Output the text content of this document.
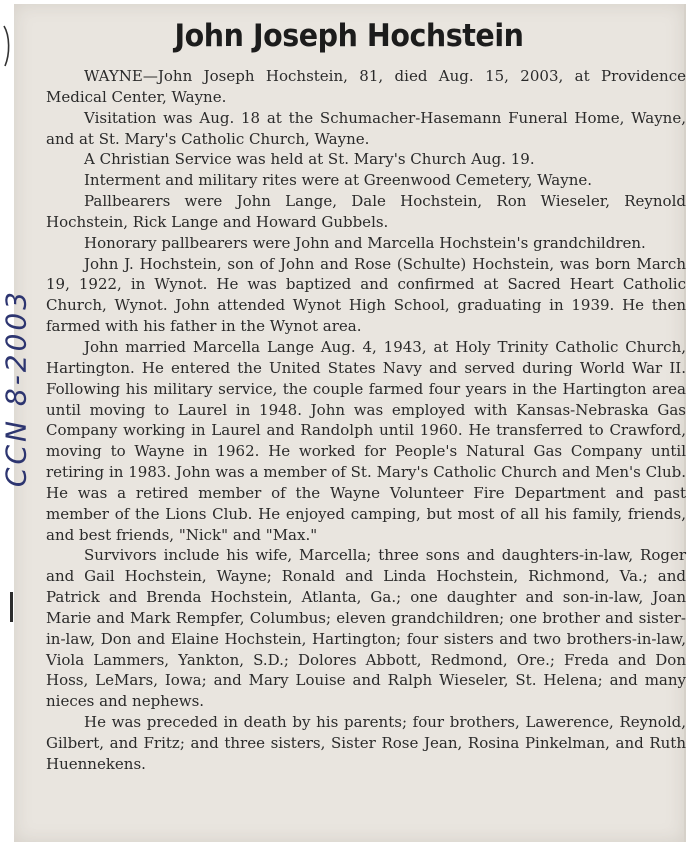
John Joseph Hochstein

WAYNE—John Joseph Hochstein, 81, died Aug. 15, 2003, at Providence Medical Center, Wayne.

Visitation was Aug. 18 at the Schumacher-Hasemann Funeral Home, Wayne, and at St. Mary's Catholic Church, Wayne.

A Christian Service was held at St. Mary's Church Aug. 19.

Interment and military rites were at Greenwood Cemetery, Wayne.

Pallbearers were John Lange, Dale Hochstein, Ron Wieseler, Reynold Hochstein, Rick Lange and Howard Gubbels.

Honorary pallbearers were John and Marcella Hochstein's grandchildren.

John J. Hochstein, son of John and Rose (Schulte) Hochstein, was born March 19, 1922, in Wynot. He was baptized and confirmed at Sacred Heart Catholic Church, Wynot. John attended Wynot High School, graduating in 1939. He then farmed with his father in the Wynot area.

John married Marcella Lange Aug. 4, 1943, at Holy Trinity Catholic Church, Hartington. He entered the United States Navy and served during World War II. Following his military service, the couple farmed four years in the Hartington area until moving to Laurel in 1948. John was employed with Kansas-Nebraska Gas Company working in Laurel and Randolph until 1960. He transferred to Crawford, moving to Wayne in 1962. He worked for People's Natural Gas Company until retiring in 1983. John was a member of St. Mary's Catholic Church and Men's Club. He was a retired member of the Wayne Volunteer Fire Department and past member of the Lions Club. He enjoyed camping, but most of all his family, friends, and best friends, "Nick" and "Max."

Survivors include his wife, Marcella; three sons and daughters-in-law, Roger and Gail Hochstein, Wayne; Ronald and Linda Hochstein, Richmond, Va.; and Patrick and Brenda Hochstein, Atlanta, Ga.; one daughter and son-in-law, Joan Marie and Mark Rempfer, Columbus; eleven grandchildren; one brother and sister-in-law, Don and Elaine Hochstein, Hartington; four sisters and two brothers-in-law, Viola Lammers, Yankton, S.D.; Dolores Abbott, Redmond, Ore.; Freda and Don Hoss, LeMars, Iowa; and Mary Louise and Ralph Wieseler, St. Helena; and many nieces and nephews.

He was preceded in death by his parents; four brothers, Lawerence, Reynold, Gilbert, and Fritz; and three sisters, Sister Rose Jean, Rosina Pinkelman, and Ruth Huennekens.

CCN 8-2003
